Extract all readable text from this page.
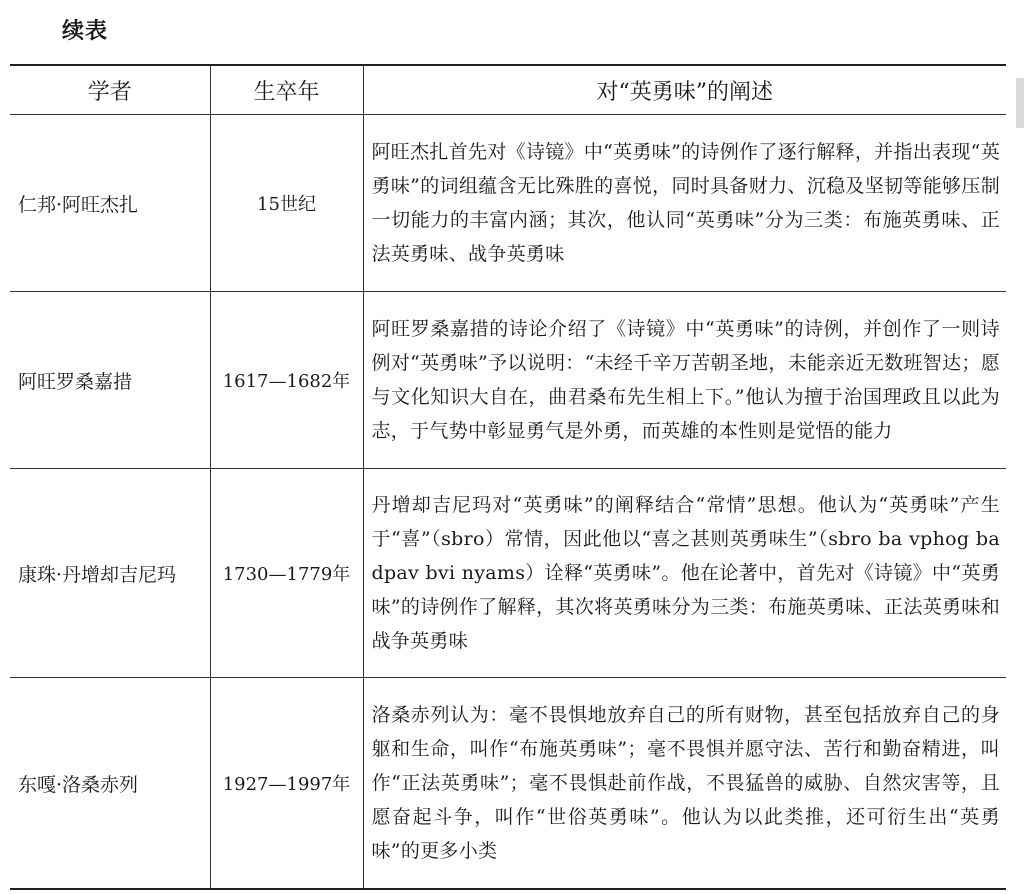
续表
学者	生卒年	对“英勇味”的阐述
仁邦·阿旺杰扎	15世纪	阿旺杰扎首先对《诗镜》中“英勇味”的诗例作了逐行解释，并指出表现“英勇味”的词组蕴含无比殊胜的喜悦，同时具备财力、沉稳及坚韧等能够压制一切能力的丰富内涵；其次，他认同“英勇味”分为三类：布施英勇味、正法英勇味、战争英勇味
阿旺罗桑嘉措	1617—1682年	阿旺罗桑嘉措的诗论介绍了《诗镜》中“英勇味”的诗例，并创作了一则诗例对“英勇味”予以说明：“未经千辛万苦朝圣地，未能亲近无数班智达；愿与文化知识大自在，曲君桑布先生相上下。”他认为擅于治国理政且以此为志，于气势中彰显勇气是外勇，而英雄的本性则是觉悟的能力
康珠·丹增却吉尼玛	1730—1779年	丹增却吉尼玛对“英勇味”的阐释结合“常情”思想。他认为“英勇味”产生于“喜”（sbro）常情，因此他以“喜之甚则英勇味生”（sbro ba vphog ba dpav bvi nyams）诠释“英勇味”。他在论著中，首先对《诗镜》中“英勇味”的诗例作了解释，其次将英勇味分为三类：布施英勇味、正法英勇味和战争英勇味
东嘎·洛桑赤列	1927—1997年	洛桑赤列认为：毫不畏惧地放弃自己的所有财物，甚至包括放弃自己的身躯和生命，叫作“布施英勇味”；毫不畏惧并愿守法、苦行和勤奋精进，叫作“正法英勇味”；毫不畏惧赴前作战，不畏猛兽的威胁、自然灾害等，且愿奋起斗争，叫作“世俗英勇味”。他认为以此类推，还可衍生出“英勇味”的更多小类
